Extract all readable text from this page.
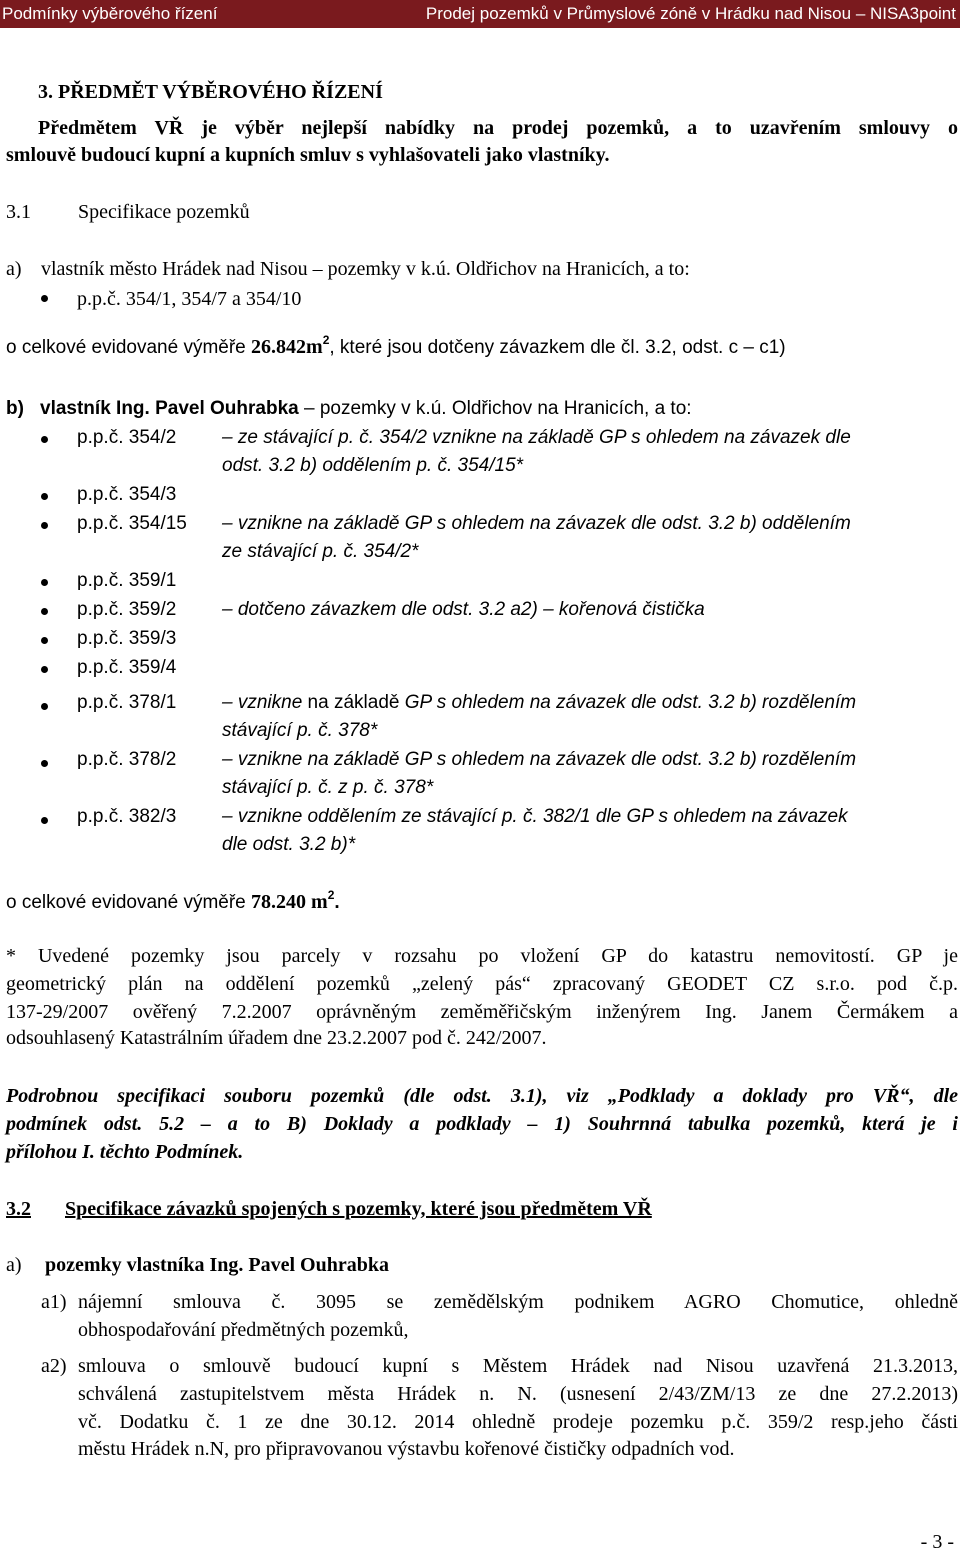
Podmínky výběrového řízení	Prodej pozemků v Průmyslové zóně v Hrádku nad Nisou – NISA3point
3. PŘEDMĚT VÝBĚROVÉHO ŘÍZENÍ
Předmětem VŘ je výběr nejlepší nabídky na prodej pozemků, a to uzavřením smlouvy o
smlouvě budoucí kupní a kupních smluv s vyhlašovateli jako vlastníky.
3.1 Specifikace pozemků
a) vlastník město Hrádek nad Nisou – pozemky v k.ú. Oldřichov na Hranicích, a to:
p.p.č. 354/1, 354/7 a 354/10
o celkové evidované výměře $26.842m^2$, které jsou dotčeny závazkem dle čl. 3.2, odst. c – c1)
b) vlastník Ing. Pavel Ouhrabka – pozemky v k.ú. Oldřichov na Hranicích, a to:
p.p.č. 354/2 – ze stávající p. č. 354/2 vznikne na základě GP s ohledem na závazek dle
odst. 3.2 b) oddělením p. č. 354/15*
p.p.č. 354/3
p.p.č. 354/15 – vznikne na základě GP s ohledem na závazek dle odst. 3.2 b) oddělením
ze stávající p. č. 354/2*
p.p.č. 359/1
p.p.č. 359/2 – dotčeno závazkem dle odst. 3.2 a2) – kořenová čistička
p.p.č. 359/3
p.p.č. 359/4
p.p.č. 378/1 – vznikne na základě GP s ohledem na závazek dle odst. 3.2 b) rozdělením
stávající p. č. 378*
p.p.č. 378/2 – vznikne na základě GP s ohledem na závazek dle odst. 3.2 b) rozdělením
stávající p. č. z p. č. 378*
p.p.č. 382/3 – vznikne oddělením ze stávající p. č. 382/1 dle GP s ohledem na závazek
dle odst. 3.2 b)*
o celkové evidované výměře 78.240 $m^2$.
* Uvedené pozemky jsou parcely v rozsahu po vložení GP do katastru nemovitostí. GP je
geometrický plán na oddělení pozemků „zelený pás“ zpracovaný GEODET CZ s.r.o. pod č.p.
137-29/2007 ověřený 7.2.2007 oprávněným zeměměřičským inženýrem Ing. Janem Čermákem a
odsouhlasený Katastrálním úřadem dne 23.2.2007 pod č. 242/2007.
Podrobnou specifikaci souboru pozemků (dle odst. 3.1), viz „Podklady a doklady pro VŘ“, dle
podmínek odst. 5.2 – a to B) Doklady a podklady – 1) Souhrnná tabulka pozemků, která je i
přílohou I. těchto Podmínek.
3.2 Specifikace závazků spojených s pozemky, které jsou předmětem VŘ
a) pozemky vlastníka Ing. Pavel Ouhrabka
a1) nájemní smlouva č. 3095 se zemědělským podnikem AGRO Chomutice, ohledně
obhospodařování předmětných pozemků,
a2) smlouva o smlouvě budoucí kupní s Městem Hrádek nad Nisou uzavřená 21.3.2013,
schválená zastupitelstvem města Hrádek n. N. (usnesení 2/43/ZM/13 ze dne 27.2.2013)
vč. Dodatku č. 1 ze dne 30.12. 2014 ohledně prodeje pozemku p.č. 359/2 resp.jeho části
městu Hrádek n.N, pro připravovanou výstavbu kořenové čističky odpadních vod.
- 3 -
